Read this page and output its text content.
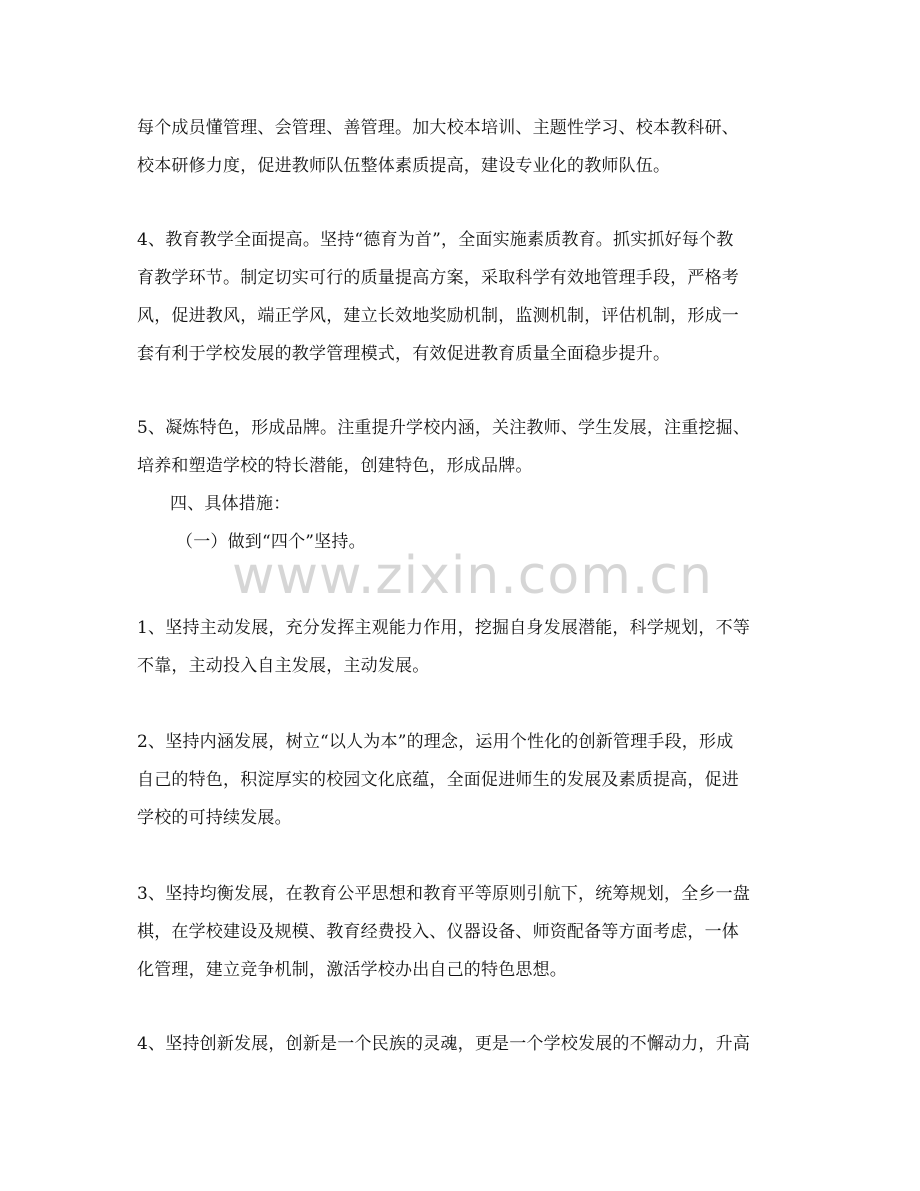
每个成员懂管理、会管理、善管理。加大校本培训、主题性学习、校本教科研、
校本研修力度，促进教师队伍整体素质提高，建设专业化的教师队伍。

4、教育教学全面提高。坚持“德育为首”，全面实施素质教育。抓实抓好每个教
育教学环节。制定切实可行的质量提高方案，采取科学有效地管理手段，严格考
风，促进教风，端正学风，建立长效地奖励机制，监测机制，评估机制，形成一
套有利于学校发展的教学管理模式，有效促进教育质量全面稳步提升。

5、凝炼特色，形成品牌。注重提升学校内涵，关注教师、学生发展，注重挖掘、
培养和塑造学校的特长潜能，创建特色，形成品牌。

四、具体措施：

（一）做到“四个”坚持。

1、坚持主动发展，充分发挥主观能力作用，挖掘自身发展潜能，科学规划，不等
不靠，主动投入自主发展，主动发展。

2、坚持内涵发展，树立“以人为本”的理念，运用个性化的创新管理手段，形成
自己的特色，积淀厚实的校园文化底蕴，全面促进师生的发展及素质提高，促进
学校的可持续发展。

3、坚持均衡发展，在教育公平思想和教育平等原则引航下，统筹规划，全乡一盘
棋，在学校建设及规模、教育经费投入、仪器设备、师资配备等方面考虑，一体
化管理，建立竞争机制，激活学校办出自己的特色思想。

4、坚持创新发展，创新是一个民族的灵魂，更是一个学校发展的不懈动力，升高

www.zixin.com.cn
